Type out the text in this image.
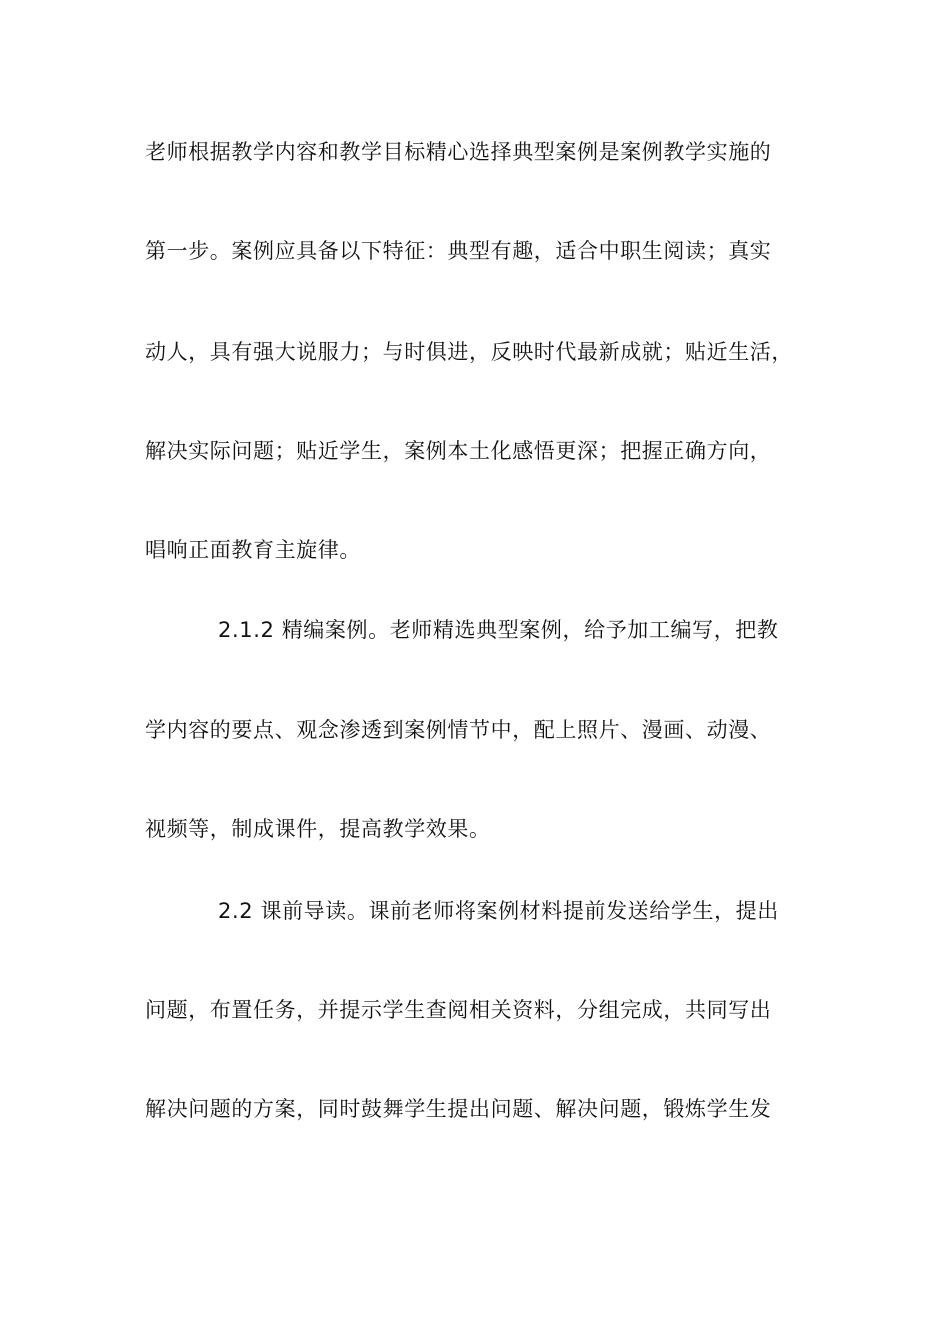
老师根据教学内容和教学目标精心选择典型案例是案例教学实施的
第一步。案例应具备以下特征：典型有趣，适合中职生阅读；真实
动人，具有强大说服力；与时俱进，反映时代最新成就；贴近生活，
解决实际问题；贴近学生，案例本土化感悟更深；把握正确方向，
唱响正面教育主旋律。
2.1.2 精编案例。老师精选典型案例，给予加工编写，把教
学内容的要点、观念渗透到案例情节中，配上照片、漫画、动漫、
视频等，制成课件，提高教学效果。
2.2 课前导读。课前老师将案例材料提前发送给学生，提出
问题，布置任务，并提示学生查阅相关资料，分组完成，共同写出
解决问题的方案，同时鼓舞学生提出问题、解决问题，锻炼学生发
